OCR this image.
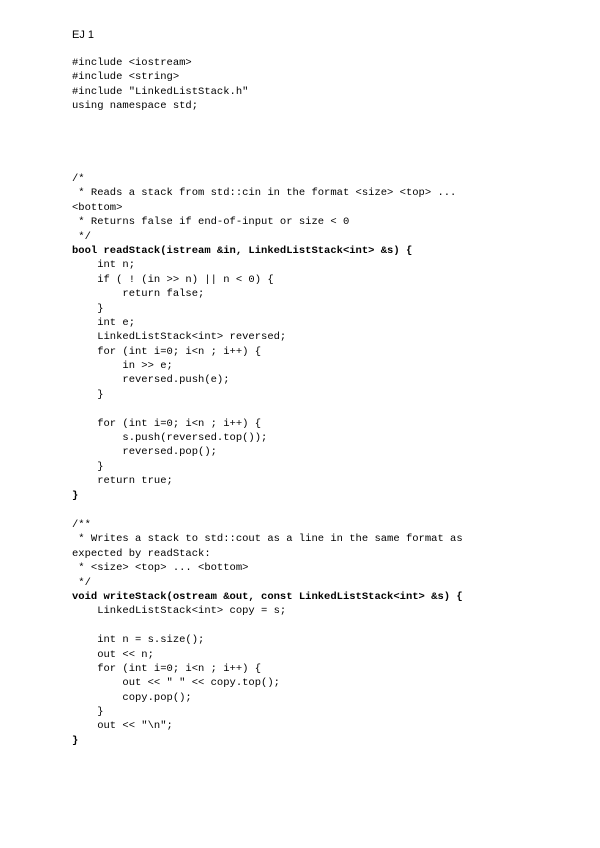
EJ 1
#include <iostream>
#include <string>
#include "LinkedListStack.h"
using namespace std;
/*
* Reads a stack from std::cin in the format <size> <top> ...
<bottom>
* Returns false if end-of-input or size < 0
*/
bool readStack(istream &in, LinkedListStack<int> &s) {
int n;
if ( ! (in >> n) || n < 0) {
return false;
}
int e;
LinkedListStack<int> reversed;
for (int i=0; i<n ; i++) {
in >> e;
reversed.push(e);
}
for (int i=0; i<n ; i++) {
s.push(reversed.top());
reversed.pop();
}
return true;
}
/**
* Writes a stack to std::cout as a line in the same format as
expected by readStack:
* <size> <top> ... <bottom>
*/
void writeStack(ostream &out, const LinkedListStack<int> &s) {
LinkedListStack<int> copy = s;
int n = s.size();
out << n;
for (int i=0; i<n ; i++) {
out << " " << copy.top();
copy.pop();
}
out << "\n";
}
